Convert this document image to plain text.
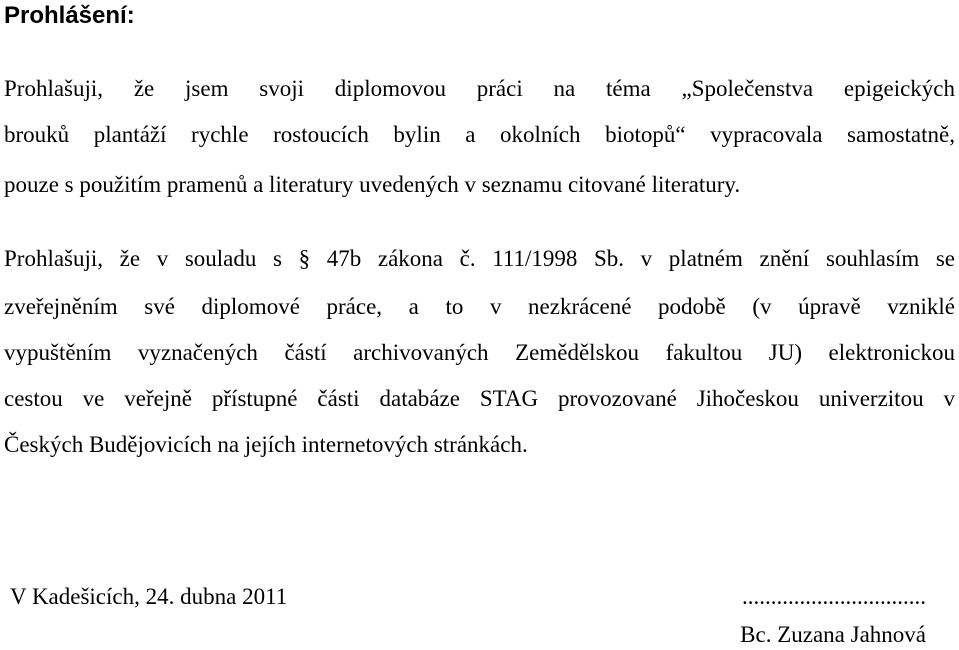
Prohlášení:
Prohlašuji, že jsem svoji diplomovou práci na téma „Společenstva epigeických
brouků plantáží rychle rostoucích bylin a okolních biotopů“ vypracovala samostatně,
pouze s použitím pramenů a literatury uvedených v seznamu citované literatury.
Prohlašuji, že v souladu s § 47b zákona č. 111/1998 Sb. v platném znění souhlasím se
zveřejněním své diplomové práce, a to v nezkrácené podobě (v úpravě vzniklé
vypuštěním vyznačených částí archivovaných Zemědělskou fakultou JU) elektronickou
cestou ve veřejně přístupné části databáze STAG provozované Jihočeskou univerzitou v
Českých Budějovicích na jejích internetových stránkách.
V Kadešicích, 24. dubna 2011	................................
Bc. Zuzana Jahnová
